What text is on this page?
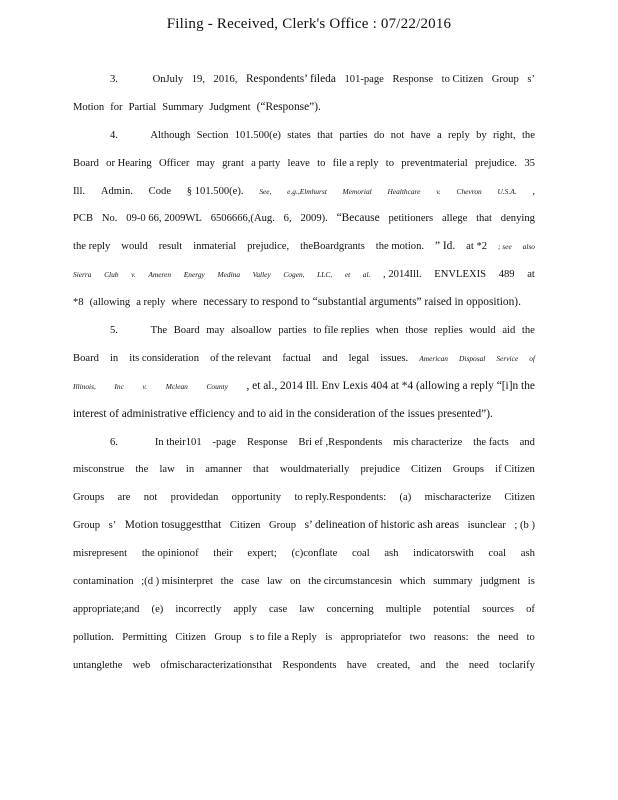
Filing - Received, Clerk's Office : 07/22/2016
3.	OnJuly 19, 2016, Respondents’ fileda 101-page Response to Citizen Group s’
Motion for Partial Summary Judgment (“Response”).
4.	Although Section 101.500(e) states that parties do not have a reply by right, the
Board or Hearing Officer may grant a party leave to file a reply to preventmaterial prejudice. 35
Ill. Admin. Code § 101.500(e). See, e.g.,Elmhurst Memorial Healthcare v. Chevron U.S.A. ,
PCB No. 09-0 66, 2009WL 6506666,(Aug. 6, 2009). “Because petitioners allege that denying
the reply would result inmaterial prejudice, theBoardgrants the motion. ” Id. at *2 ; see also
Sierra Club v. Ameren Energy Medina Valley Cogen, LLC, et al. , 2014Ill. ENVLEXIS 489 at
*8 (allowing a reply where necessary to respond to “substantial arguments” raised in opposition).
5.	The Board may alsoallow parties to file replies when those replies would aid the
Board in its consideration of the relevant factual and legal issues. American Disposal Service of
Illinois,	Inc	v.	Mclean	County , et al., 2014 Ill. Env Lexis 404 at *4 (allowing a reply “[i]n the
interest of administrative efficiency and to aid in the consideration of the issues presented”).
6.	In their101 -page Response Bri ef ,Respondents mis characterize the facts and
misconstrue the law in amanner that wouldmaterially prejudice Citizen Groups if Citizen
Groups are not providedan opportunity to reply.Respondents: (a) mischaracterize Citizen
Group s’ Motion tosuggestthat Citizen Group s’ delineation of historic ash areas isunclear ; (b )
misrepresent the opinionof their expert; (c)conflate coal ash indicatorswith coal ash
contamination ;(d ) misinterpret the case law on the circumstancesin which summary judgment is
appropriate;and (e) incorrectly apply case law concerning multiple potential sources of
pollution. Permitting Citizen Group s to file a Reply is appropriatefor two reasons: the need to
untanglethe web ofmischaracterizationsthat Respondents have created, and the need toclarify
